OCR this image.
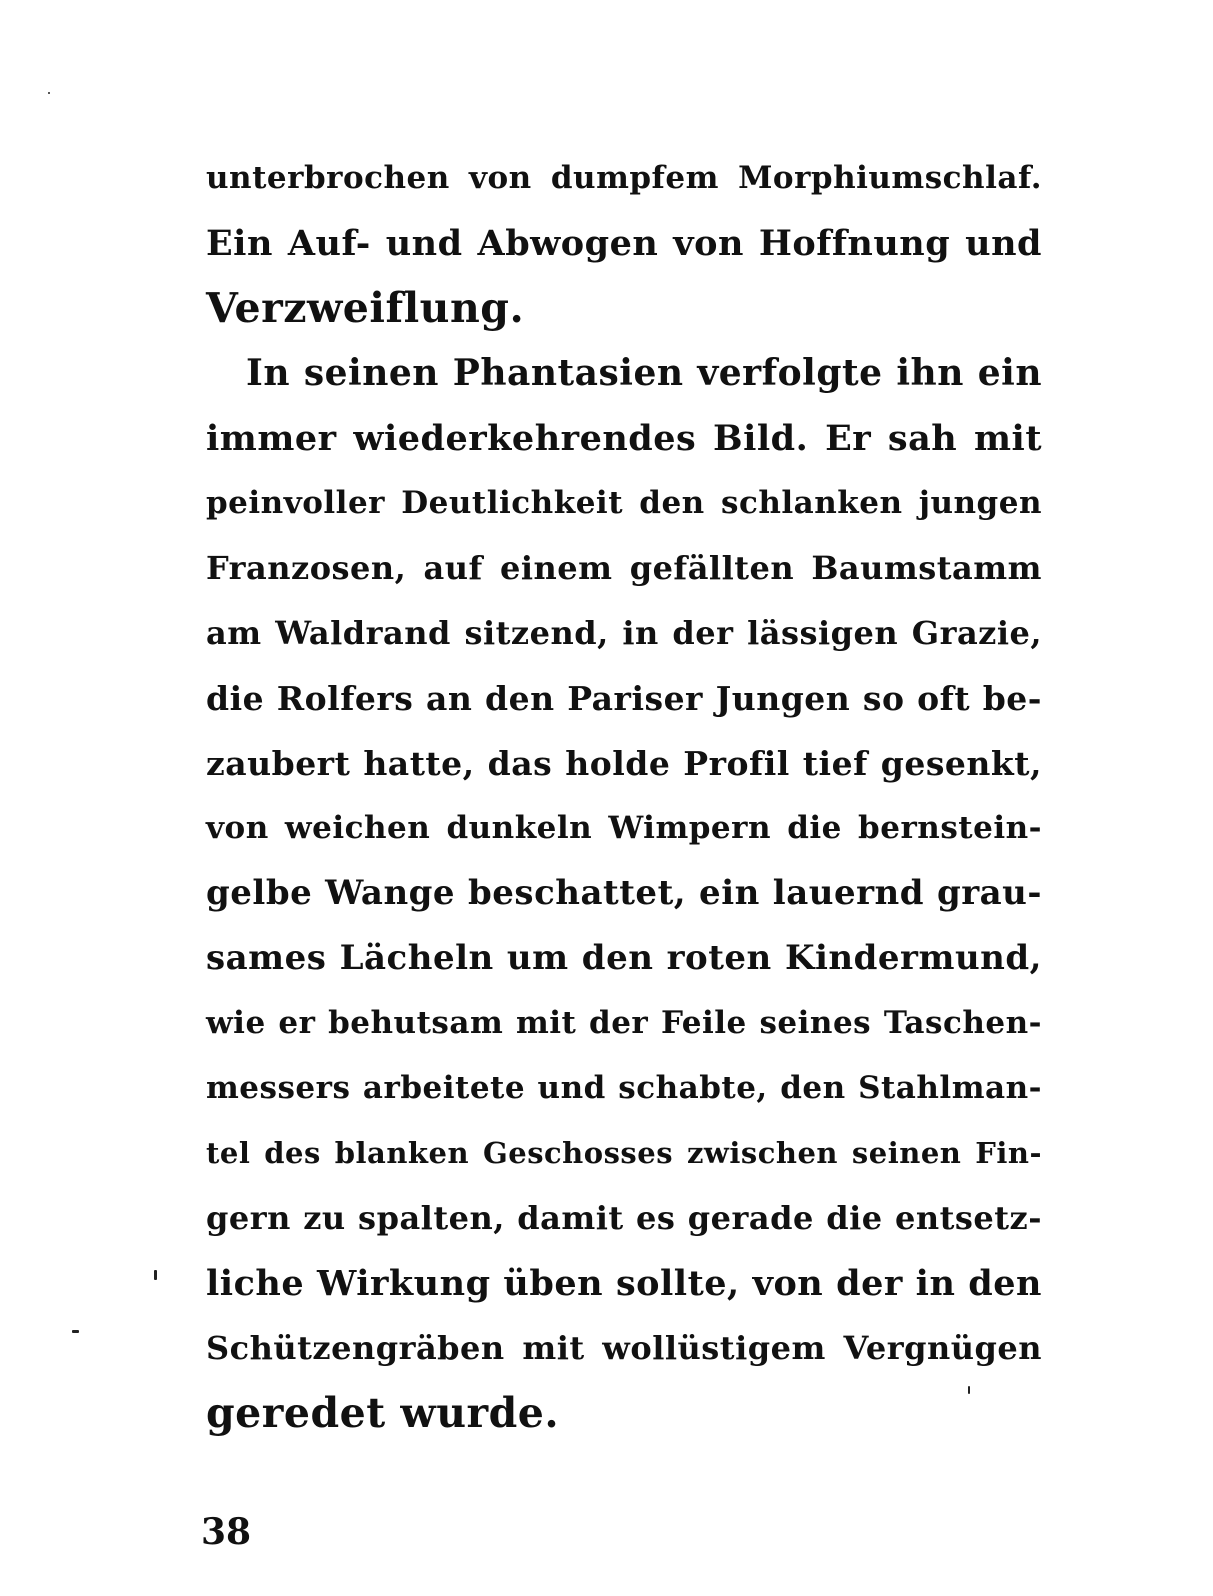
unterbrochen von dumpfem Morphiumschlaf.
Ein Auf- und Abwogen von Hoffnung und
Verzweiflung.
In seinen Phantasien verfolgte ihn ein
immer wiederkehrendes Bild. Er sah mit
peinvoller Deutlichkeit den schlanken jungen
Franzosen, auf einem gefällten Baumstamm
am Waldrand sitzend, in der lässigen Grazie,
die Rolfers an den Pariser Jungen so oft be-
zaubert hatte, das holde Profil tief gesenkt,
von weichen dunkeln Wimpern die bernstein-
gelbe Wange beschattet, ein lauernd grau-
sames Lächeln um den roten Kindermund,
wie er behutsam mit der Feile seines Taschen-
messers arbeitete und schabte, den Stahlman-
tel des blanken Geschosses zwischen seinen Fin-
gern zu spalten, damit es gerade die entsetz-
liche Wirkung üben sollte, von der in den
Schützengräben mit wollüstigem Vergnügen
geredet wurde.
38
